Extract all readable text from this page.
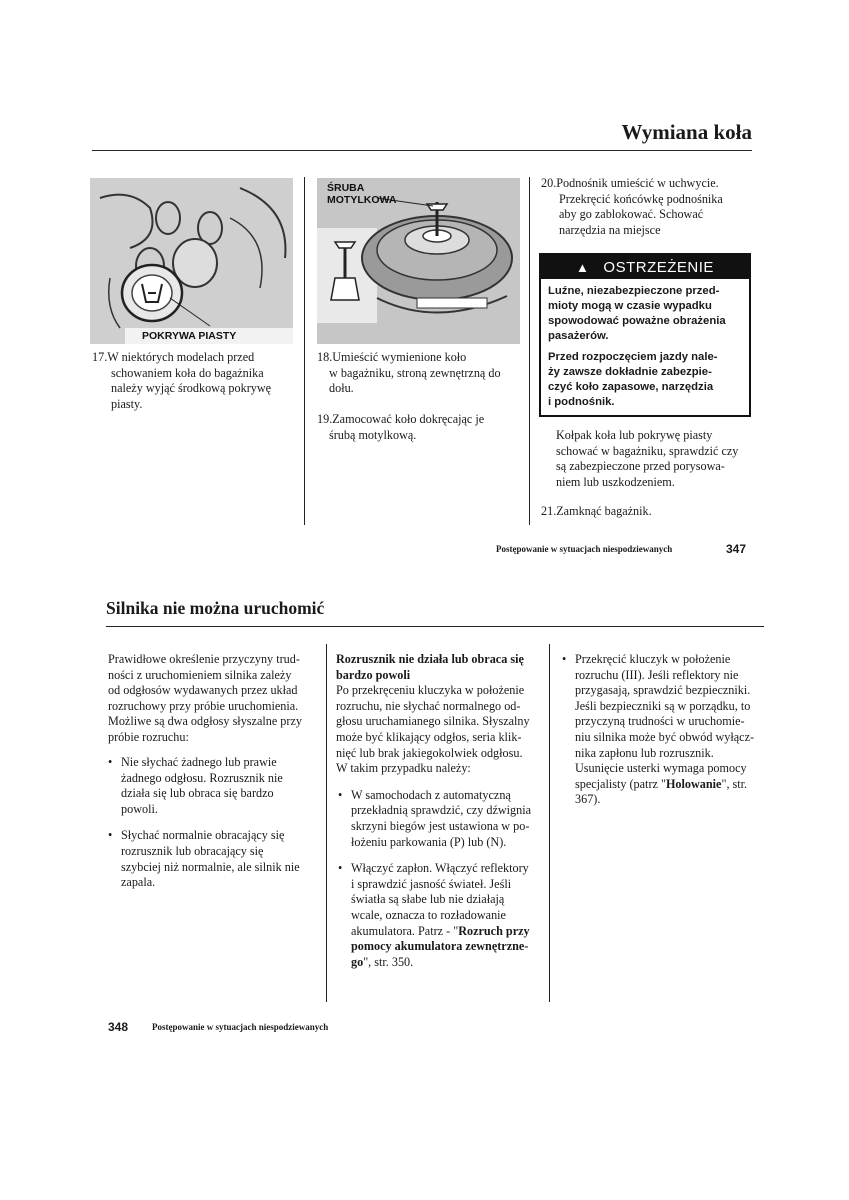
Wymiana koła
POKRYWA PIASTY
17.W niektórych modelach przed
schowaniem koła do bagażnika
należy wyjąć środkową pokrywę
piasty.
ŚRUBA
MOTYLKOWA
18.Umieścić wymienione koło
w bagażniku, stroną zewnętrzną do
dołu.
19.Zamocować koło dokręcając je
śrubą motylkową.
20.Podnośnik umieścić w uchwycie.
Przekręcić końcówkę podnośnika
aby go zablokować. Schować
narzędzia na miejsce
▲ OSTRZEŻENIE

Luźne, niezabezpieczone przed-
mioty mogą w czasie wypadku
spowodować poważne obrażenia
pasażerów.

Przed rozpoczęciem jazdy nale-
ży zawsze dokładnie zabezpie-
czyć koło zapasowe, narzędzia
i podnośnik.

Kołpak koła lub pokrywę piasty
schować w bagażniku, sprawdzić czy
są zabezpieczone przed porysowa-
niem lub uszkodzeniem.
21.Zamknąć bagażnik.
Postępowanie w sytuacjach niespodziewanych	347
Silnika nie można uruchomić
Prawidłowe określenie przyczyny trud-
ności z uruchomieniem silnika zależy
od odgłosów wydawanych przez układ
rozruchowy przy próbie uruchomienia.
Możliwe są dwa odgłosy słyszalne przy
próbie rozruchu:
• Nie słychać żadnego lub prawie
żadnego odgłosu. Rozrusznik nie
działa się lub obraca się bardzo
powoli.
• Słychać normalnie obracający się
rozrusznik lub obracający się
szybciej niż normalnie, ale silnik nie
zapala.
Rozrusznik nie działa lub obraca się
bardzo powoli
Po przekręceniu kluczyka w położenie
rozruchu, nie słychać normalnego od-
głosu uruchamianego silnika. Słyszalny
może być klikający odgłos, seria klik-
nięć lub brak jakiegokolwiek odgłosu.
W takim przypadku należy:
• W samochodach z automatyczną
przekładnią sprawdzić, czy dźwignia
skrzyni biegów jest ustawiona w po-
łożeniu parkowania (P) lub (N).
• Włączyć zapłon. Włączyć reflektory
i sprawdzić jasność świateł. Jeśli
światła są słabe lub nie działają
wcale, oznacza to rozładowanie
akumulatora. Patrz - "Rozruch przy
pomocy akumulatora zewnętrzne-
go", str. 350.
• Przekręcić kluczyk w położenie
rozruchu (III). Jeśli reflektory nie
przygasają, sprawdzić bezpieczniki.
Jeśli bezpieczniki są w porządku, to
przyczyną trudności w uruchomie-
niu silnika może być obwód wyłącz-
nika zapłonu lub rozrusznik.
Usunięcie usterki wymaga pomocy
specjalisty (patrz "Holowanie", str.
367).
348	Postępowanie w sytuacjach niespodziewanych
